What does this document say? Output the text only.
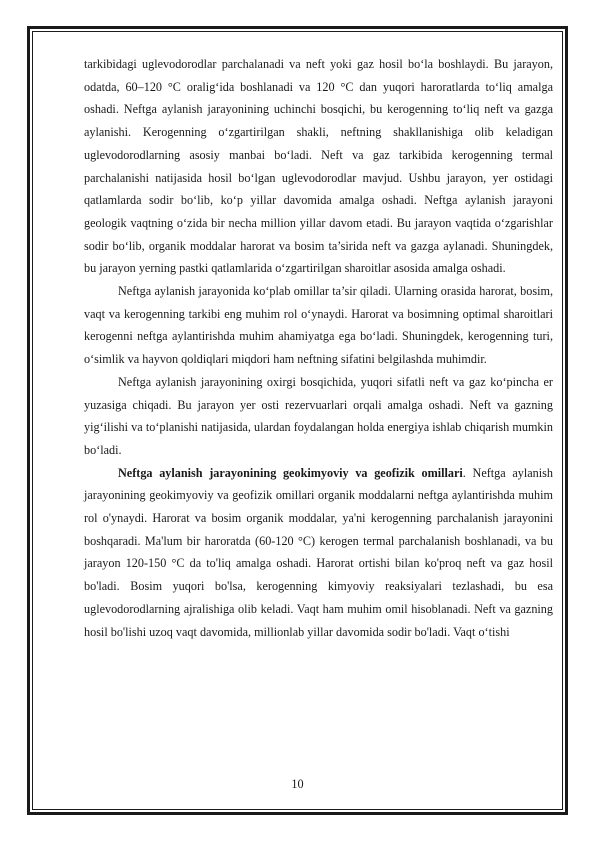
tarkibidagi uglevodorodlar parchalanadi va neft yoki gaz hosil bo‘la boshlaydi. Bu jarayon, odatda, 60–120 °C oralig‘ida boshlanadi va 120 °C dan yuqori haroratlarda to‘liq amalga oshadi. Neftga aylanish jarayonining uchinchi bosqichi, bu kerogenning to‘liq neft va gazga aylanishi. Kerogenning o‘zgartirilgan shakli, neftning shakllanishiga olib keladigan uglevodorodlarning asosiy manbai bo‘ladi. Neft va gaz tarkibida kerogenning termal parchalanishi natijasida hosil bo‘lgan uglevodorodlar mavjud. Ushbu jarayon, yer ostidagi qatlamlarda sodir bo‘lib, ko‘p yillar davomida amalga oshadi. Neftga aylanish jarayoni geologik vaqtning o‘zida bir necha million yillar davom etadi. Bu jarayon vaqtida o‘zgarishlar sodir bo‘lib, organik moddalar harorat va bosim ta’sirida neft va gazga aylanadi. Shuningdek, bu jarayon yerning pastki qatlamlarida o‘zgartirilgan sharoitlar asosida amalga oshadi.

Neftga aylanish jarayonida ko‘plab omillar ta’sir qiladi. Ularning orasida harorat, bosim, vaqt va kerogenning tarkibi eng muhim rol o‘ynaydi. Harorat va bosimning optimal sharoitlari kerogenni neftga aylantirishda muhim ahamiyatga ega bo‘ladi. Shuningdek, kerogenning turi, o‘simlik va hayvon qoldiqlari miqdori ham neftning sifatini belgilashda muhimdir.

Neftga aylanish jarayonining oxirgi bosqichida, yuqori sifatli neft va gaz ko‘pincha er yuzasiga chiqadi. Bu jarayon yer osti rezervuarlari orqali amalga oshadi. Neft va gazning yig‘ilishi va to‘planishi natijasida, ulardan foydalangan holda energiya ishlab chiqarish mumkin bo‘ladi.

Neftga aylanish jarayonining geokimyoviy va geofizik omillari. Neftga aylanish jarayonining geokimyoviy va geofizik omillari organik moddalarni neftga aylantirishda muhim rol o'ynaydi. Harorat va bosim organik moddalar, ya'ni kerogenning parchalanish jarayonini boshqaradi. Ma'lum bir haroratda (60-120 °C) kerogen termal parchalanish boshlanadi, va bu jarayon 120-150 °C da to'liq amalga oshadi. Harorat ortishi bilan ko'proq neft va gaz hosil bo'ladi. Bosim yuqori bo'lsa, kerogenning kimyoviy reaksiyalari tezlashadi, bu esa uglevodorodlarning ajralishiga olib keladi. Vaqt ham muhim omil hisoblanadi. Neft va gazning hosil bo'lishi uzoq vaqt davomida, millionlab yillar davomida sodir bo'ladi. Vaqt o‘tishi

10
